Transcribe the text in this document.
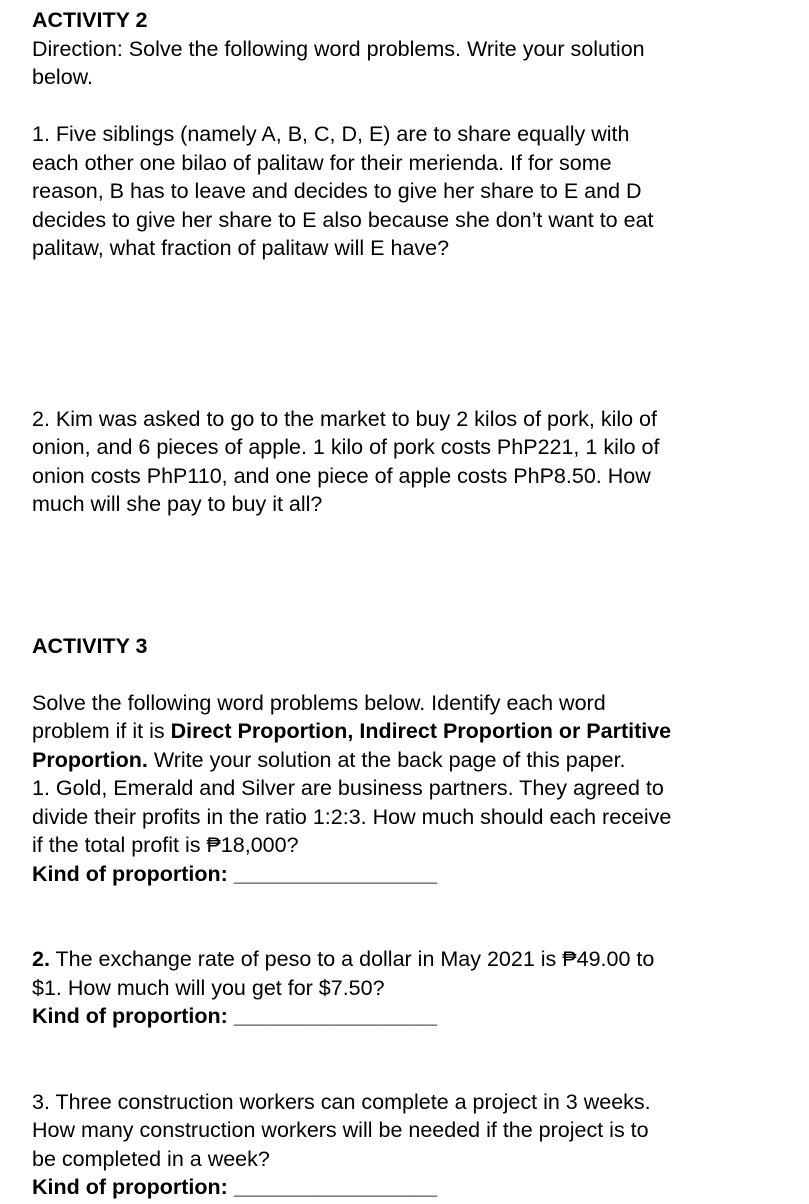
ACTIVITY 2
Direction: Solve the following word problems. Write your solution
below.
1. Five siblings (namely A, B, C, D, E) are to share equally with
each other one bilao of palitaw for their merienda. If for some
reason, B has to leave and decides to give her share to E and D
decides to give her share to E also because she don’t want to eat
palitaw, what fraction of palitaw will E have?
2. Kim was asked to go to the market to buy 2 kilos of pork, kilo of
onion, and 6 pieces of apple. 1 kilo of pork costs PhP221, 1 kilo of
onion costs PhP110, and one piece of apple costs PhP8.50. How
much will she pay to buy it all?
ACTIVITY 3
Solve the following word problems below. Identify each word
problem if it is Direct Proportion, Indirect Proportion or Partitive
Proportion. Write your solution at the back page of this paper.
1. Gold, Emerald and Silver are business partners. They agreed to
divide their profits in the ratio 1:2:3. How much should each receive
if the total profit is ₱18,000?
Kind of proportion: _________________
2. The exchange rate of peso to a dollar in May 2021 is ₱49.00 to
$1. How much will you get for $7.50?
Kind of proportion: _________________
3. Three construction workers can complete a project in 3 weeks.
How many construction workers will be needed if the project is to
be completed in a week?
Kind of proportion: _________________
